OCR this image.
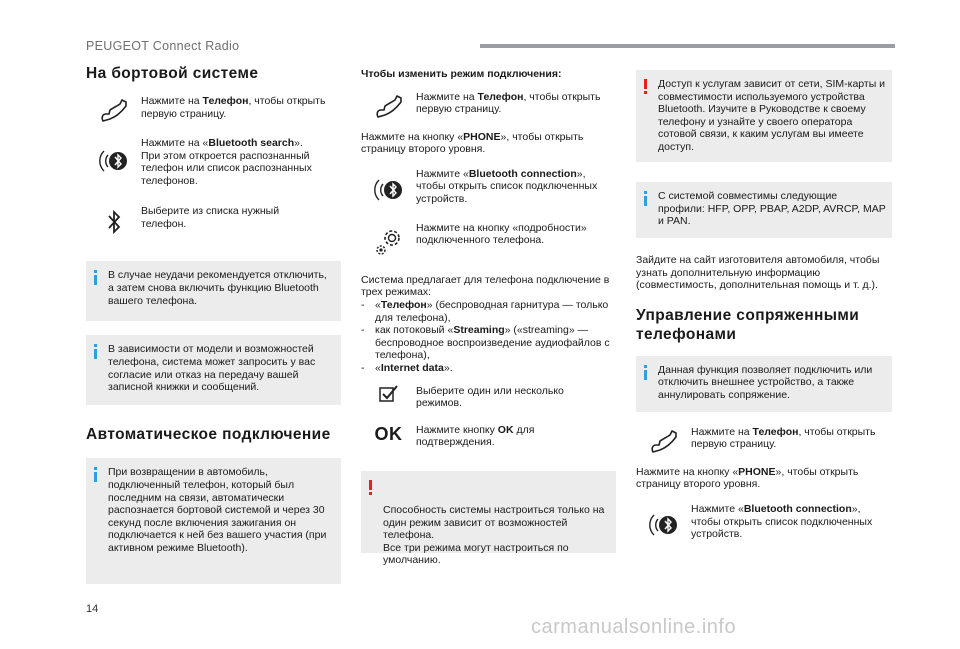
PEUGEOT Connect Radio
На бортовой системе

Нажмите на Телефон, чтобы открыть первую страницу.

Нажмите на «Bluetooth search».
При этом откроется распознанный телефон или список распознанных телефонов.

Выберите из списка нужный телефон.

В случае неудачи рекомендуется отключить, а затем снова включить функцию Bluetooth вашего телефона.
В зависимости от модели и возможностей телефона, система может запросить у вас согласие или отказ на передачу вашей записной книжки и сообщений.
Автоматическое подключение
При возвращении в автомобиль, подключенный телефон, который был последним на связи, автоматически распознается бортовой системой и через 30 секунд после включения зажигания он подключается к ней без вашего участия (при активном режиме Bluetooth).

Чтобы изменить режим подключения:

Нажмите на Телефон, чтобы открыть первую страницу.

Нажмите на кнопку «PHONE», чтобы открыть страницу второго уровня.

Нажмите «Bluetooth connection», чтобы открыть список подключенных устройств.

Нажмите на кнопку «подробности» подключенного телефона.

Система предлагает для телефона подключение в трех режимах:

- «Телефон» (беспроводная гарнитура — только для телефона),
- как потоковый «Streaming» («streaming» — беспроводное воспроизведение аудиофайлов с телефона),
- «Internet data».

Выберите один или несколько режимов.

OK Нажмите кнопку OK для подтверждения.

Способность системы настроиться только на один режим зависит от возможностей телефона.
Все три режима могут настроиться по умолчанию.

Доступ к услугам зависит от сети, SIM-карты и совместимости используемого устройства Bluetooth. Изучите в Руководстве к своему телефону и узнайте у своего оператора сотовой связи, к каким услугам вы имеете доступ.
С системой совместимы следующие профили: HFP, OPP, PBAP, A2DP, AVRCP, MAP и PAN.

Зайдите на сайт изготовителя автомобиля, чтобы узнать дополнительную информацию (совместимость, дополнительная помощь и т. д.).

Управление сопряженными телефонами
Данная функция позволяет подключить или отключить внешнее устройство, а также аннулировать сопряжение.

Нажмите на Телефон, чтобы открыть первую страницу.

Нажмите на кнопку «PHONE», чтобы открыть страницу второго уровня.

Нажмите «Bluetooth connection», чтобы открыть список подключенных устройств.

14
carmanualsonline.info
